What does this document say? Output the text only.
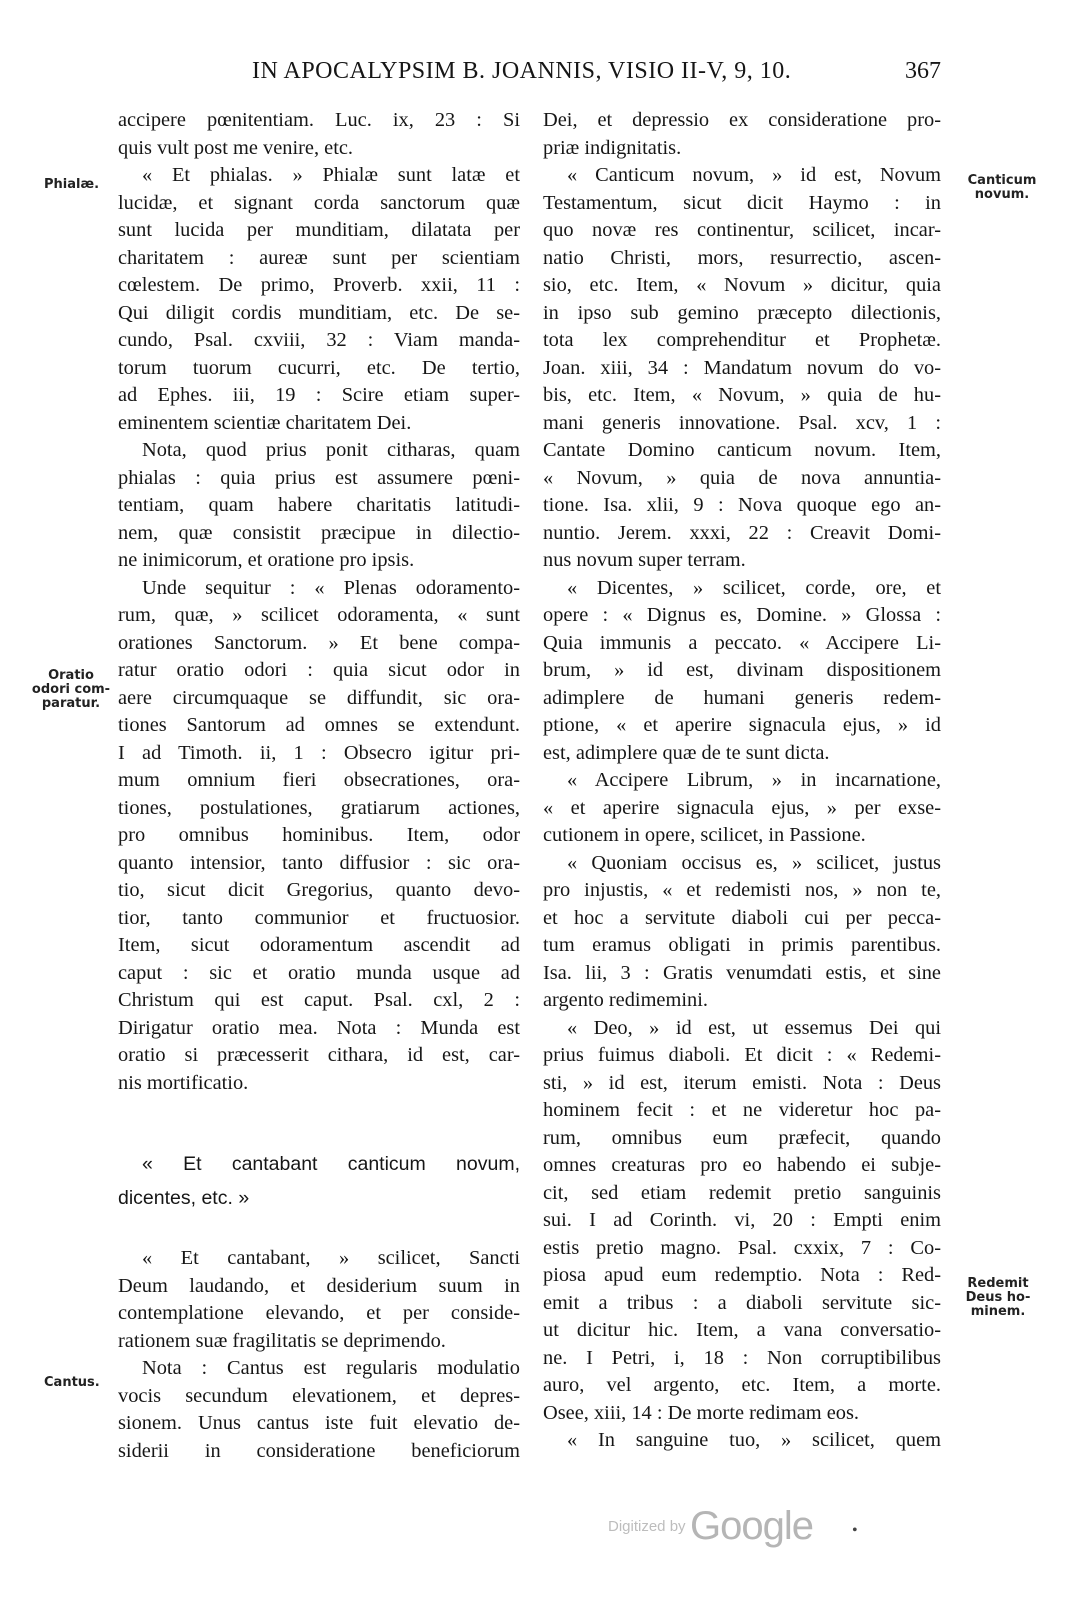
IN APOCALYPSIM B. JOANNIS, VISIO II-V, 9, 10.	367
Phialæ.
Oratio
odori com-
paratur.
Cantus.
Canticum
novum.
Redemit
Deus ho-
minem.
accipere pœnitentiam. Luc. ix, 23 : Si
quis vult post me venire, etc.
« Et phialas. » Phialæ sunt latæ et
lucidæ, et signant corda sanctorum quæ
sunt lucida per munditiam, dilatata per
charitatem : aureæ sunt per scientiam
cœlestem. De primo, Proverb. xxii, 11 :
Qui diligit cordis munditiam, etc. De se-
cundo, Psal. cxviii, 32 : Viam manda-
torum tuorum cucurri, etc. De tertio,
ad Ephes. iii, 19 : Scire etiam super-
eminentem scientiæ charitatem Dei.
Nota, quod prius ponit citharas, quam
phialas : quia prius est assumere pœni-
tentiam, quam habere charitatis latitudi-
nem, quæ consistit præcipue in dilectio-
ne inimicorum, et oratione pro ipsis.
Unde sequitur : « Plenas odoramento-
rum, quæ, » scilicet odoramenta, « sunt
orationes Sanctorum. » Et bene compa-
ratur oratio odori : quia sicut odor in
aere circumquaque se diffundit, sic ora-
tiones Santorum ad omnes se extendunt.
I ad Timoth. ii, 1 : Obsecro igitur pri-
mum omnium fieri obsecrationes, ora-
tiones, postulationes, gratiarum actiones,
pro omnibus hominibus. Item, odor
quanto intensior, tanto diffusior : sic ora-
tio, sicut dicit Gregorius, quanto devo-
tior, tanto communior et fructuosior.
Item, sicut odoramentum ascendit ad
caput : sic et oratio munda usque ad
Christum qui est caput. Psal. cxl, 2 :
Dirigatur oratio mea. Nota : Munda est
oratio si præcesserit cithara, id est, car-
nis mortificatio.
« Et cantabant canticum novum,
dicentes, etc. »
« Et cantabant, » scilicet, Sancti
Deum laudando, et desiderium suum in
contemplatione elevando, et per conside-
rationem suæ fragilitatis se deprimendo.
Nota : Cantus est regularis modulatio
vocis secundum elevationem, et depres-
sionem. Unus cantus iste fuit elevatio de-
siderii in consideratione beneficiorum
Dei, et depressio ex consideratione pro-
priæ indignitatis.
« Canticum novum, » id est, Novum
Testamentum, sicut dicit Haymo : in
quo novæ res continentur, scilicet, incar-
natio Christi, mors, resurrectio, ascen-
sio, etc. Item, « Novum » dicitur, quia
in ipso sub gemino præcepto dilectionis,
tota lex comprehenditur et Prophetæ.
Joan. xiii, 34 : Mandatum novum do vo-
bis, etc. Item, « Novum, » quia de hu-
mani generis innovatione. Psal. xcv, 1 :
Cantate Domino canticum novum. Item,
« Novum, » quia de nova annuntia-
tione. Isa. xlii, 9 : Nova quoque ego an-
nuntio. Jerem. xxxi, 22 : Creavit Domi-
nus novum super terram.
« Dicentes, » scilicet, corde, ore, et
opere : « Dignus es, Domine. » Glossa :
Quia immunis a peccato. « Accipere Li-
brum, » id est, divinam dispositionem
adimplere de humani generis redem-
ptione, « et aperire signacula ejus, » id
est, adimplere quæ de te sunt dicta.
« Accipere Librum, » in incarnatione,
« et aperire signacula ejus, » per exse-
cutionem in opere, scilicet, in Passione.
« Quoniam occisus es, » scilicet, justus
pro injustis, « et redemisti nos, » non te,
et hoc a servitute diaboli cui per pecca-
tum eramus obligati in primis parentibus.
Isa. lii, 3 : Gratis venumdati estis, et sine
argento redimemini.
« Deo, » id est, ut essemus Dei qui
prius fuimus diaboli. Et dicit : « Redemi-
sti, » id est, iterum emisti. Nota : Deus
hominem fecit : et ne videretur hoc pa-
rum, omnibus eum præfecit, quando
omnes creaturas pro eo habendo ei subje-
cit, sed etiam redemit pretio sanguinis
sui. I ad Corinth. vi, 20 : Empti enim
estis pretio magno. Psal. cxxix, 7 : Co-
piosa apud eum redemptio. Nota : Red-
emit a tribus : a diaboli servitute sic-
ut dicitur hic. Item, a vana conversatio-
ne. I Petri, i, 18 : Non corruptibilibus
auro, vel argento, etc. Item, a morte.
Osee, xiii, 14 : De morte redimam eos.
« In sanguine tuo, » scilicet, quem
Digitized by Google •
